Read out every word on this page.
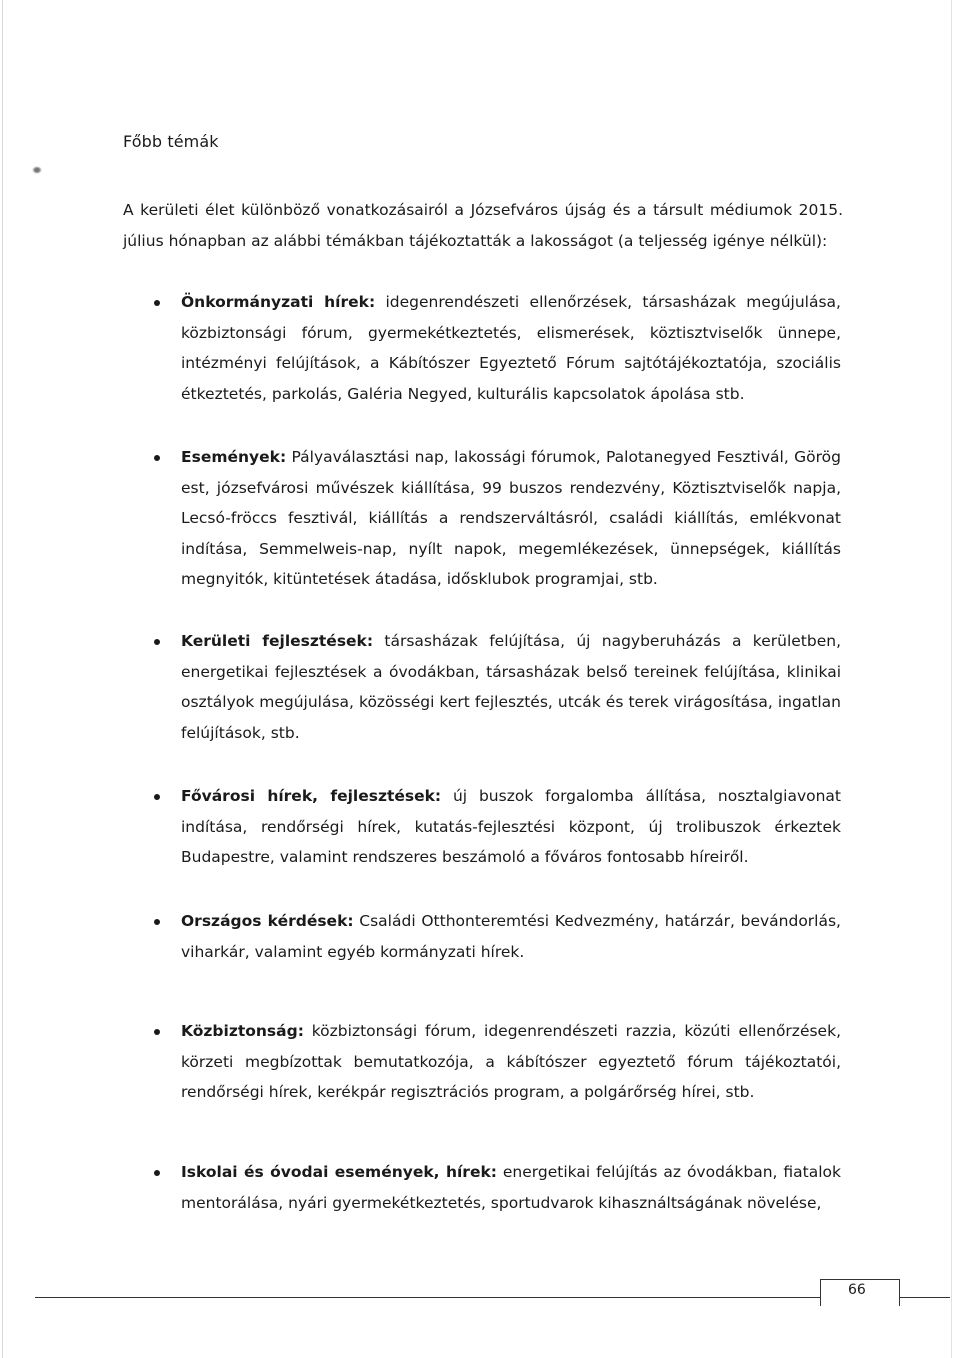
Főbb témák

A kerületi élet különböző vonatkozásairól a Józsefváros újság és a társult médiumok 2015. július hónapban az alábbi témákban tájékoztatták a lakosságot (a teljesség igénye nélkül):

Önkormányzati hírek: idegenrendészeti ellenőrzések, társasházak megújulása, közbiztonsági fórum, gyermekétkeztetés, elismerések, köztisztviselők ünnepe, intézményi felújítások, a Kábítószer Egyeztető Fórum sajtótájékoztatója, szociális étkeztetés, parkolás, Galéria Negyed, kulturális kapcsolatok ápolása stb.
Események: Pályaválasztási nap, lakossági fórumok, Palotanegyed Fesztivál, Görög est, józsefvárosi művészek kiállítása, 99 buszos rendezvény, Köztisztviselők napja, Lecsó-fröccs fesztivál, kiállítás a rendszerváltásról, családi kiállítás, emlékvonat indítása, Semmelweis-nap, nyílt napok, megemlékezések, ünnepségek, kiállítás megnyitók, kitüntetések átadása, idősklubok programjai, stb.
Kerületi fejlesztések: társasházak felújítása, új nagyberuházás a kerületben, energetikai fejlesztések a óvodákban, társasházak belső tereinek felújítása, klinikai osztályok megújulása, közösségi kert fejlesztés, utcák és terek virágosítása, ingatlan felújítások, stb.
Fővárosi hírek, fejlesztések: új buszok forgalomba állítása, nosztalgiavonat indítása, rendőrségi hírek, kutatás-fejlesztési központ, új trolibuszok érkeztek Budapestre, valamint rendszeres beszámoló a főváros fontosabb híreiről.
Országos kérdések: Családi Otthonteremtési Kedvezmény, határzár, bevándorlás, viharkár, valamint egyéb kormányzati hírek.
Közbiztonság: közbiztonsági fórum, idegenrendészeti razzia, közúti ellenőrzések, körzeti megbízottak bemutatkozója, a kábítószer egyeztető fórum tájékoztatói, rendőrségi hírek, kerékpár regisztrációs program, a polgárőrség hírei, stb.
Iskolai és óvodai események, hírek: energetikai felújítás az óvodákban, fiatalok mentorálása, nyári gyermekétkeztetés, sportudvarok kihasználtságának növelése,

66
